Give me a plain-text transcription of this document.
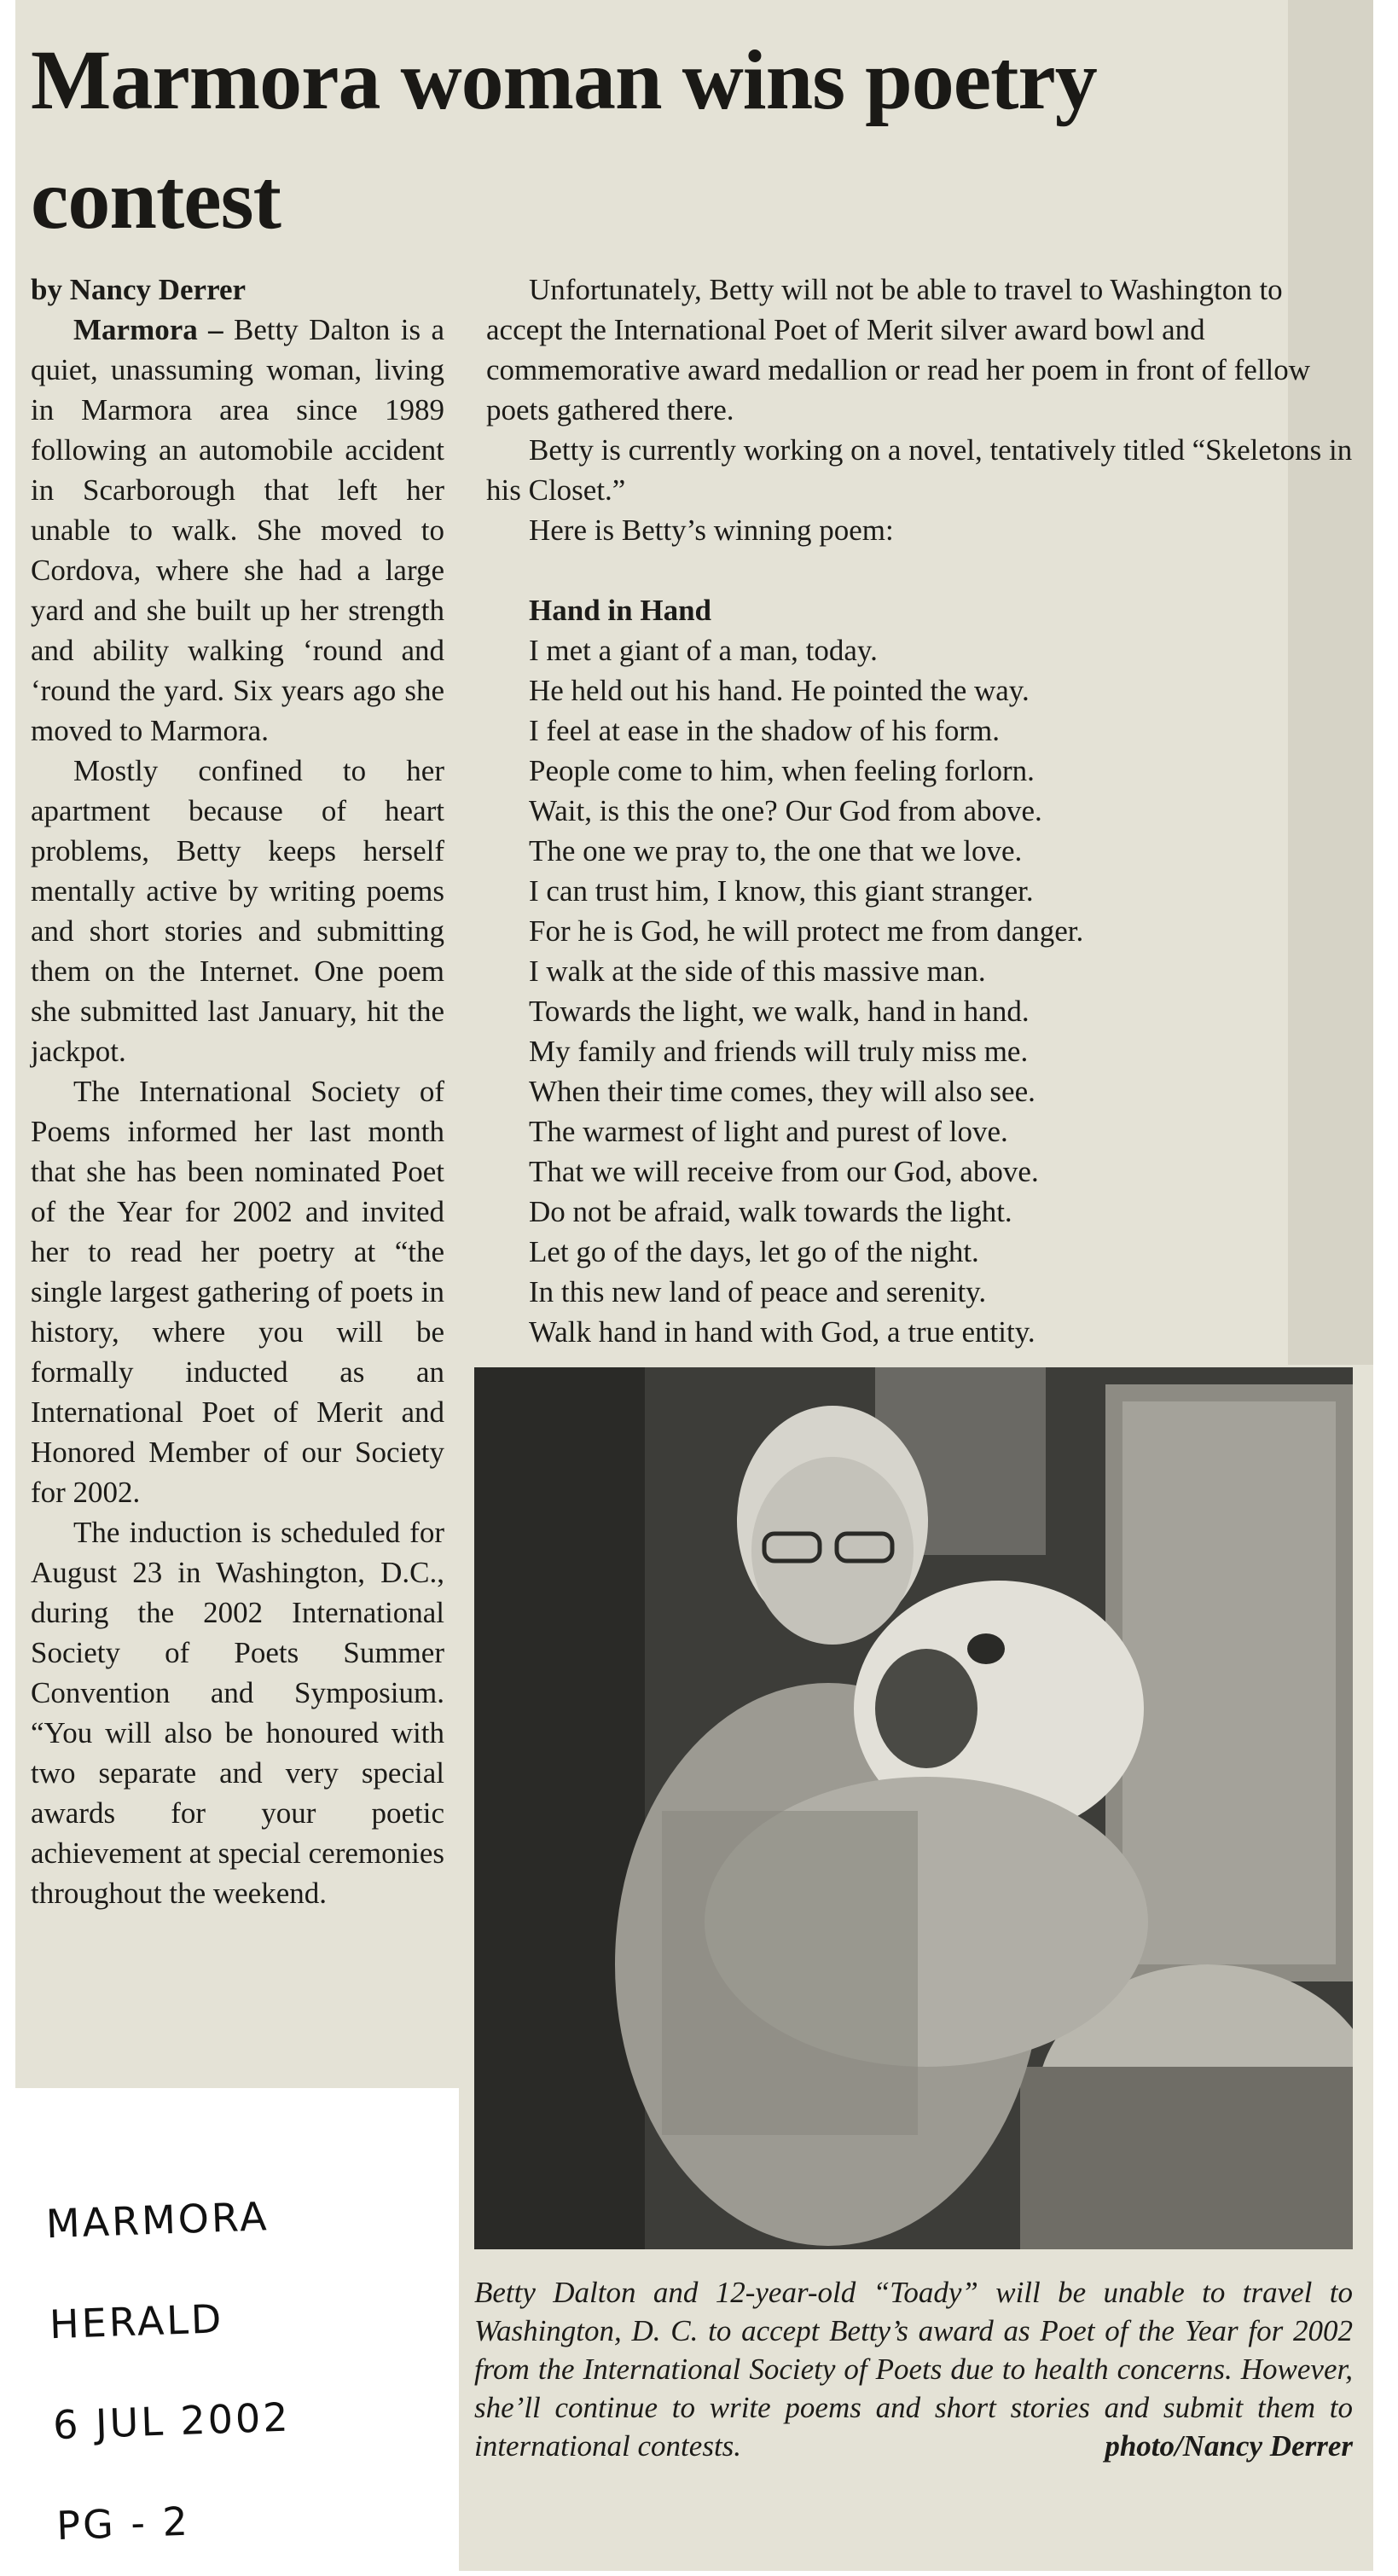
Marmora woman wins poetry contest
by Nancy Derrer

Marmora – Betty Dalton is a quiet, unassuming woman, living in Marmora area since 1989 following an automobile accident in Scarborough that left her unable to walk. She moved to Cordova, where she had a large yard and she built up her strength and ability walking ‘round and ‘round the yard. Six years ago she moved to Marmora.

Mostly confined to her apartment because of heart problems, Betty keeps herself mentally active by writing poems and short stories and submitting them on the Internet. One poem she submitted last January, hit the jackpot.

The International Society of Poems informed her last month that she has been nominated Poet of the Year for 2002 and invited her to read her poetry at “the single largest gathering of poets in history, where you will be formally inducted as an International Poet of Merit and Honored Member of our Society for 2002.

The induction is scheduled for August 23 in Washington, D.C., during the 2002 International Society of Poets Summer Convention and Symposium. “You will also be honoured with two separate and very special awards for your poetic achievement at special ceremonies throughout the weekend.

Unfortunately, Betty will not be able to travel to Washington to accept the International Poet of Merit silver award bowl and commemorative award medallion or read her poem in front of fellow poets gathered there.

Betty is currently working on a novel, tentatively titled “Skeletons in his Closet.”

Here is Betty’s winning poem:

Hand in Hand

I met a giant of a man, today.

He held out his hand. He pointed the way.

I feel at ease in the shadow of his form.

People come to him, when feeling forlorn.

Wait, is this the one? Our God from above.

The one we pray to, the one that we love.

I can trust him, I know, this giant stranger.

For he is God, he will protect me from danger.

I walk at the side of this massive man.

Towards the light, we walk, hand in hand.

My family and friends will truly miss me.

When their time comes, they will also see.

The warmest of light and purest of love.

That we will receive from our God, above.

Do not be afraid, walk towards the light.

Let go of the days, let go of the night.

In this new land of peace and serenity.

Walk hand in hand with God, a true entity.

Betty Dalton and 12-year-old “Toady” will be unable to travel to Washington, D. C. to accept Betty’s award as Poet of the Year for 2002 from the International Society of Poets due to health concerns. However, she’ll continue to write poems and short stories and submit them to international contests.	photo/Nancy Derrer
MARMORA
HERALD
6 JUL 2002
PG - 2
